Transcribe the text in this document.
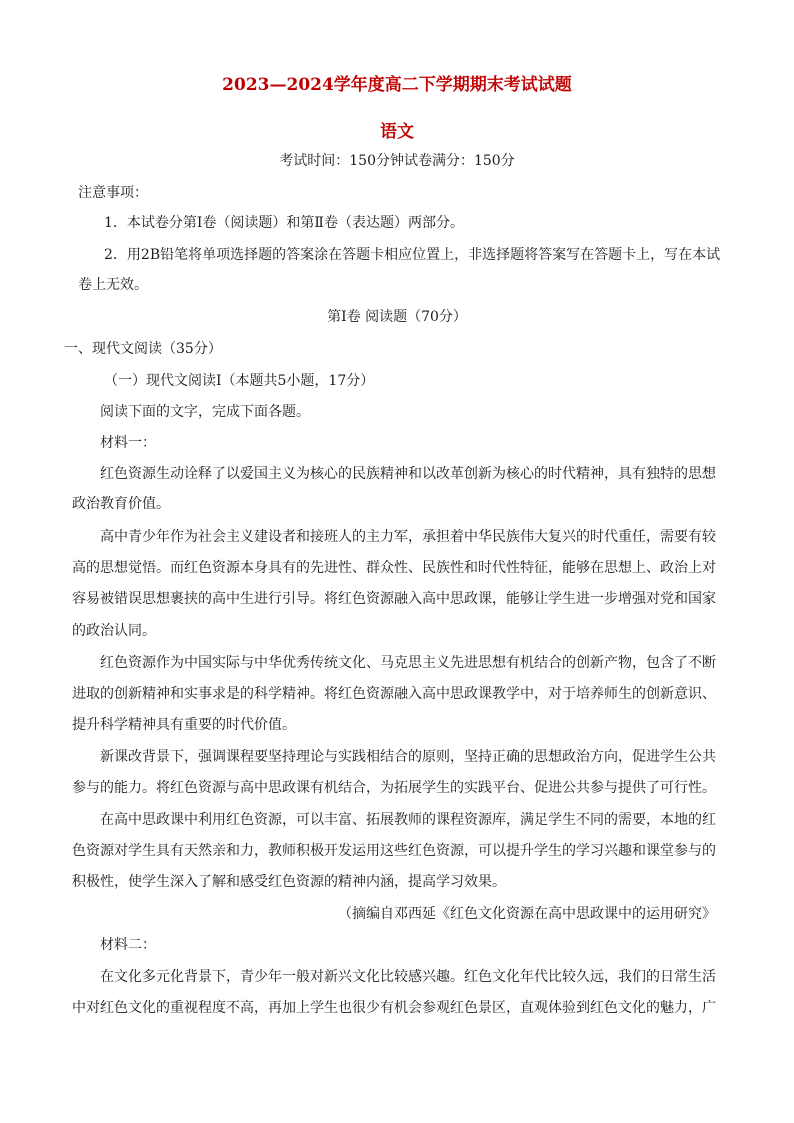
2023—2024学年度高二下学期期末考试试题
语文
考试时间：150分钟试卷满分：150分
注意事项：
1．本试卷分第Ⅰ卷（阅读题）和第Ⅱ卷（表达题）两部分。
2．用2B铅笔将单项选择题的答案涂在答题卡相应位置上，非选择题将答案写在答题卡上，写在本试
卷上无效。
第Ⅰ卷 阅读题（70分）
一、现代文阅读（35分）
（一）现代文阅读Ⅰ（本题共5小题，17分）
阅读下面的文字，完成下面各题。
材料一：
红色资源生动诠释了以爱国主义为核心的民族精神和以改革创新为核心的时代精神，具有独特的思想
政治教育价值。
高中青少年作为社会主义建设者和接班人的主力军，承担着中华民族伟大复兴的时代重任，需要有较
高的思想觉悟。而红色资源本身具有的先进性、群众性、民族性和时代性特征，能够在思想上、政治上对
容易被错误思想裹挟的高中生进行引导。将红色资源融入高中思政课，能够让学生进一步增强对党和国家
的政治认同。
红色资源作为中国实际与中华优秀传统文化、马克思主义先进思想有机结合的创新产物，包含了不断
进取的创新精神和实事求是的科学精神。将红色资源融入高中思政课教学中，对于培养师生的创新意识、
提升科学精神具有重要的时代价值。
新课改背景下，强调课程要坚持理论与实践相结合的原则，坚持正确的思想政治方向，促进学生公共
参与的能力。将红色资源与高中思政课有机结合，为拓展学生的实践平台、促进公共参与提供了可行性。
在高中思政课中利用红色资源，可以丰富、拓展教师的课程资源库，满足学生不同的需要，本地的红
色资源对学生具有天然亲和力，教师积极开发运用这些红色资源，可以提升学生的学习兴趣和课堂参与的
积极性，使学生深入了解和感受红色资源的精神内涵，提高学习效果。
（摘编自邓西延《红色文化资源在高中思政课中的运用研究》
材料二：
在文化多元化背景下，青少年一般对新兴文化比较感兴趣。红色文化年代比较久远，我们的日常生活
中对红色文化的重视程度不高，再加上学生也很少有机会参观红色景区，直观体验到红色文化的魅力，广
